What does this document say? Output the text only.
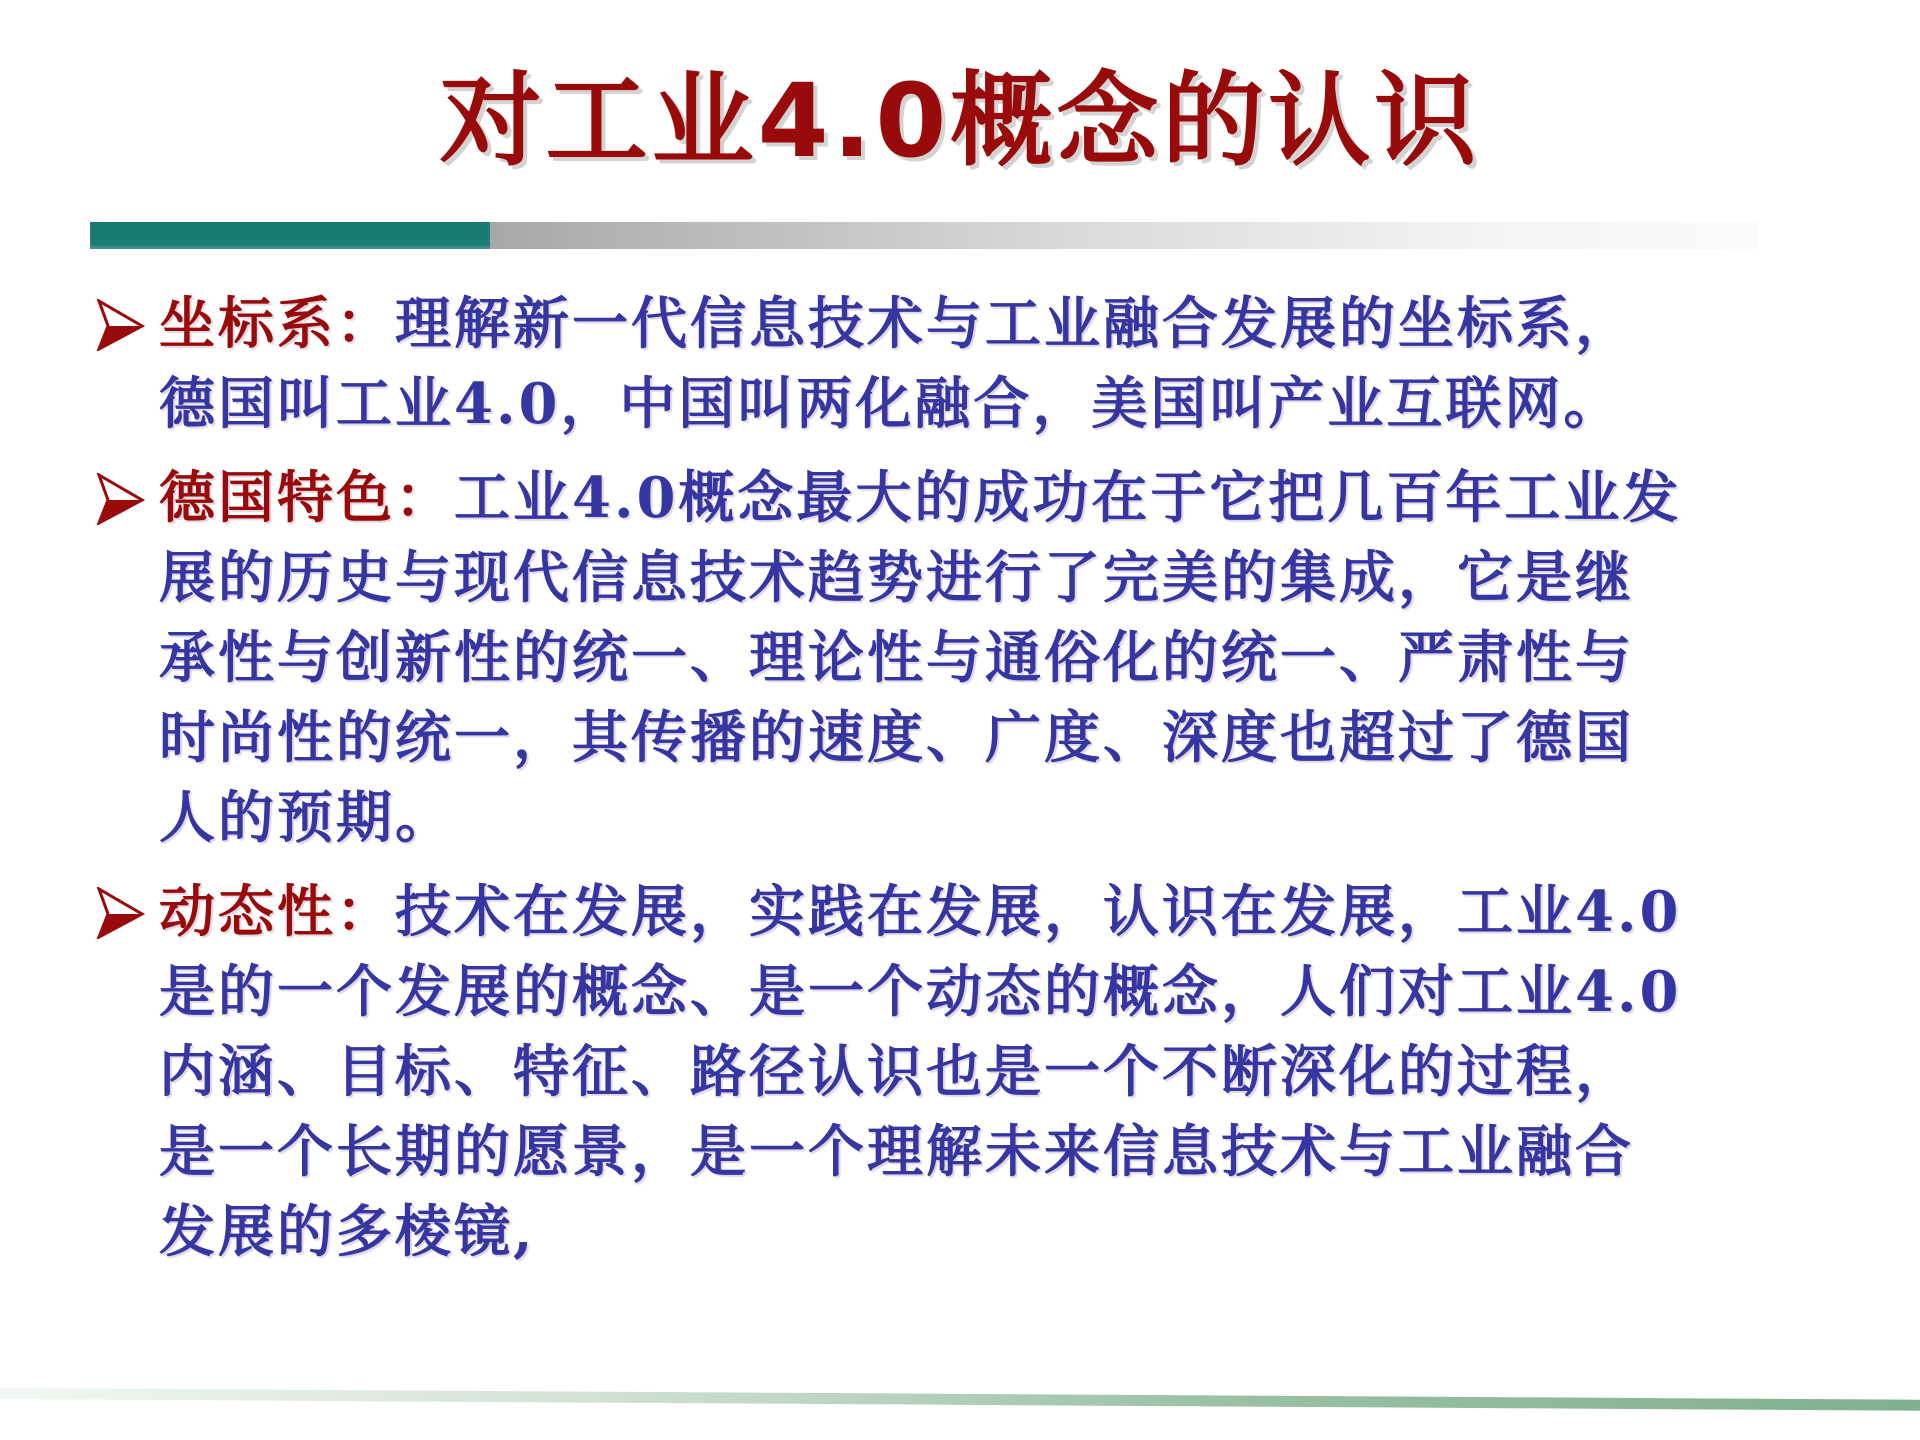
对工业4.0概念的认识
坐标系：理解新一代信息技术与工业融合发展的坐标系，
德国叫工业4.0，中国叫两化融合，美国叫产业互联网。
德国特色：工业4.0概念最大的成功在于它把几百年工业发
展的历史与现代信息技术趋势进行了完美的集成，它是继
承性与创新性的统一、理论性与通俗化的统一、严肃性与
时尚性的统一，其传播的速度、广度、深度也超过了德国
人的预期。
动态性：技术在发展，实践在发展，认识在发展，工业4.0
是的一个发展的概念、是一个动态的概念，人们对工业4.0
内涵、目标、特征、路径认识也是一个不断深化的过程，
是一个长期的愿景，是一个理解未来信息技术与工业融合
发展的多棱镜,
